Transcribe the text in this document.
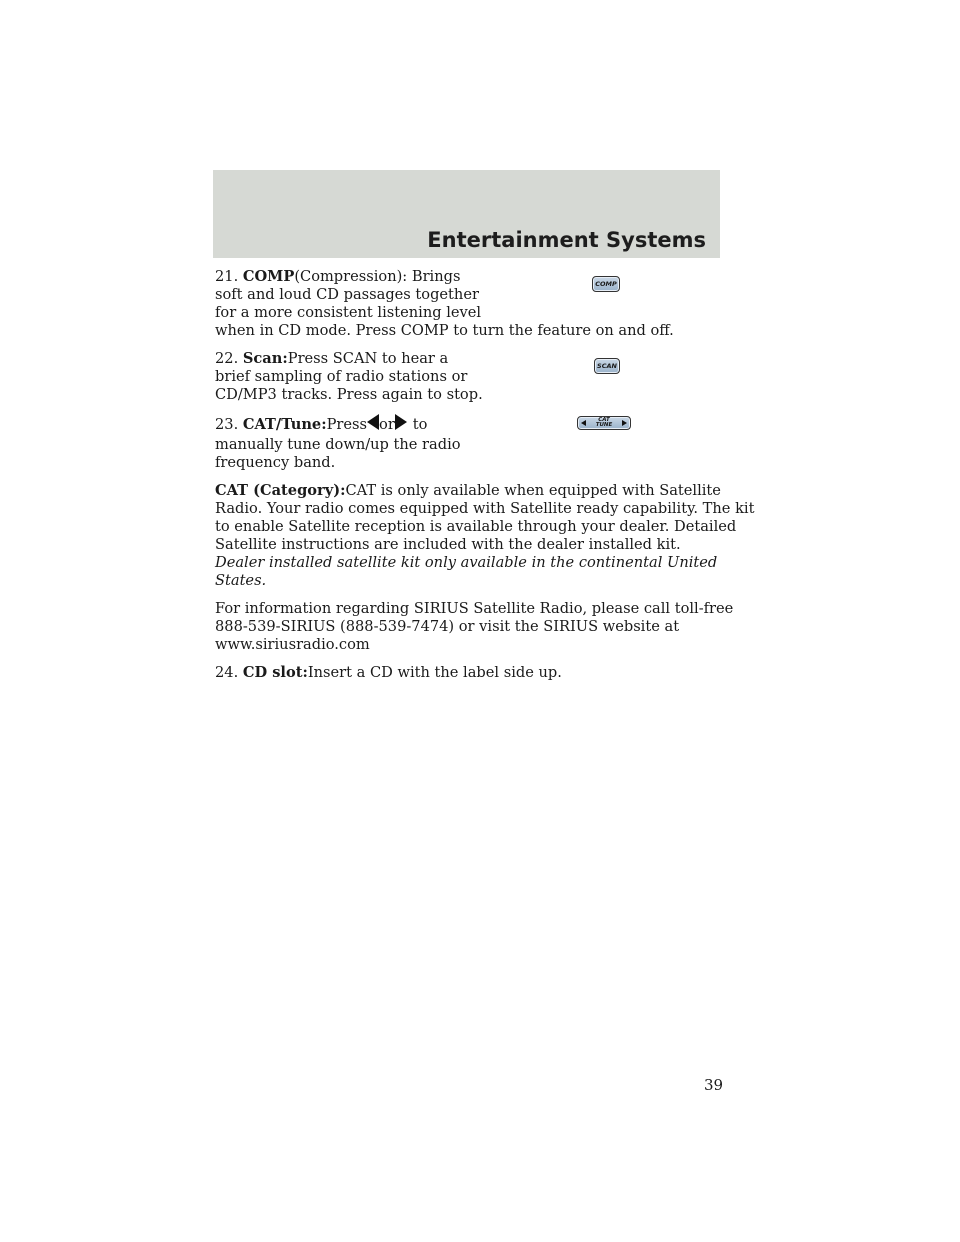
Entertainment Systems
21. COMP(Compression): Brings
soft and loud CD passages together
for a more consistent listening level
when in CD mode. Press COMP to turn the feature on and off.
COMP
22. Scan:Press SCAN to hear a
brief sampling of radio stations or
CD/MP3 tracks. Press again to stop.
SCAN
23. CAT/Tune:Press or to
manually tune down/up the radio
frequency band.
CAT
TUNE
CAT (Category):CAT is only available when equipped with Satellite
Radio. Your radio comes equipped with Satellite ready capability. The kit
to enable Satellite reception is available through your dealer. Detailed
Satellite instructions are included with the dealer installed kit.
Dealer installed satellite kit only available in the continental United
States.
For information regarding SIRIUS Satellite Radio, please call toll-free
888-539-SIRIUS (888-539-7474) or visit the SIRIUS website at
www.siriusradio.com
24. CD slot:Insert a CD with the label side up.
39
